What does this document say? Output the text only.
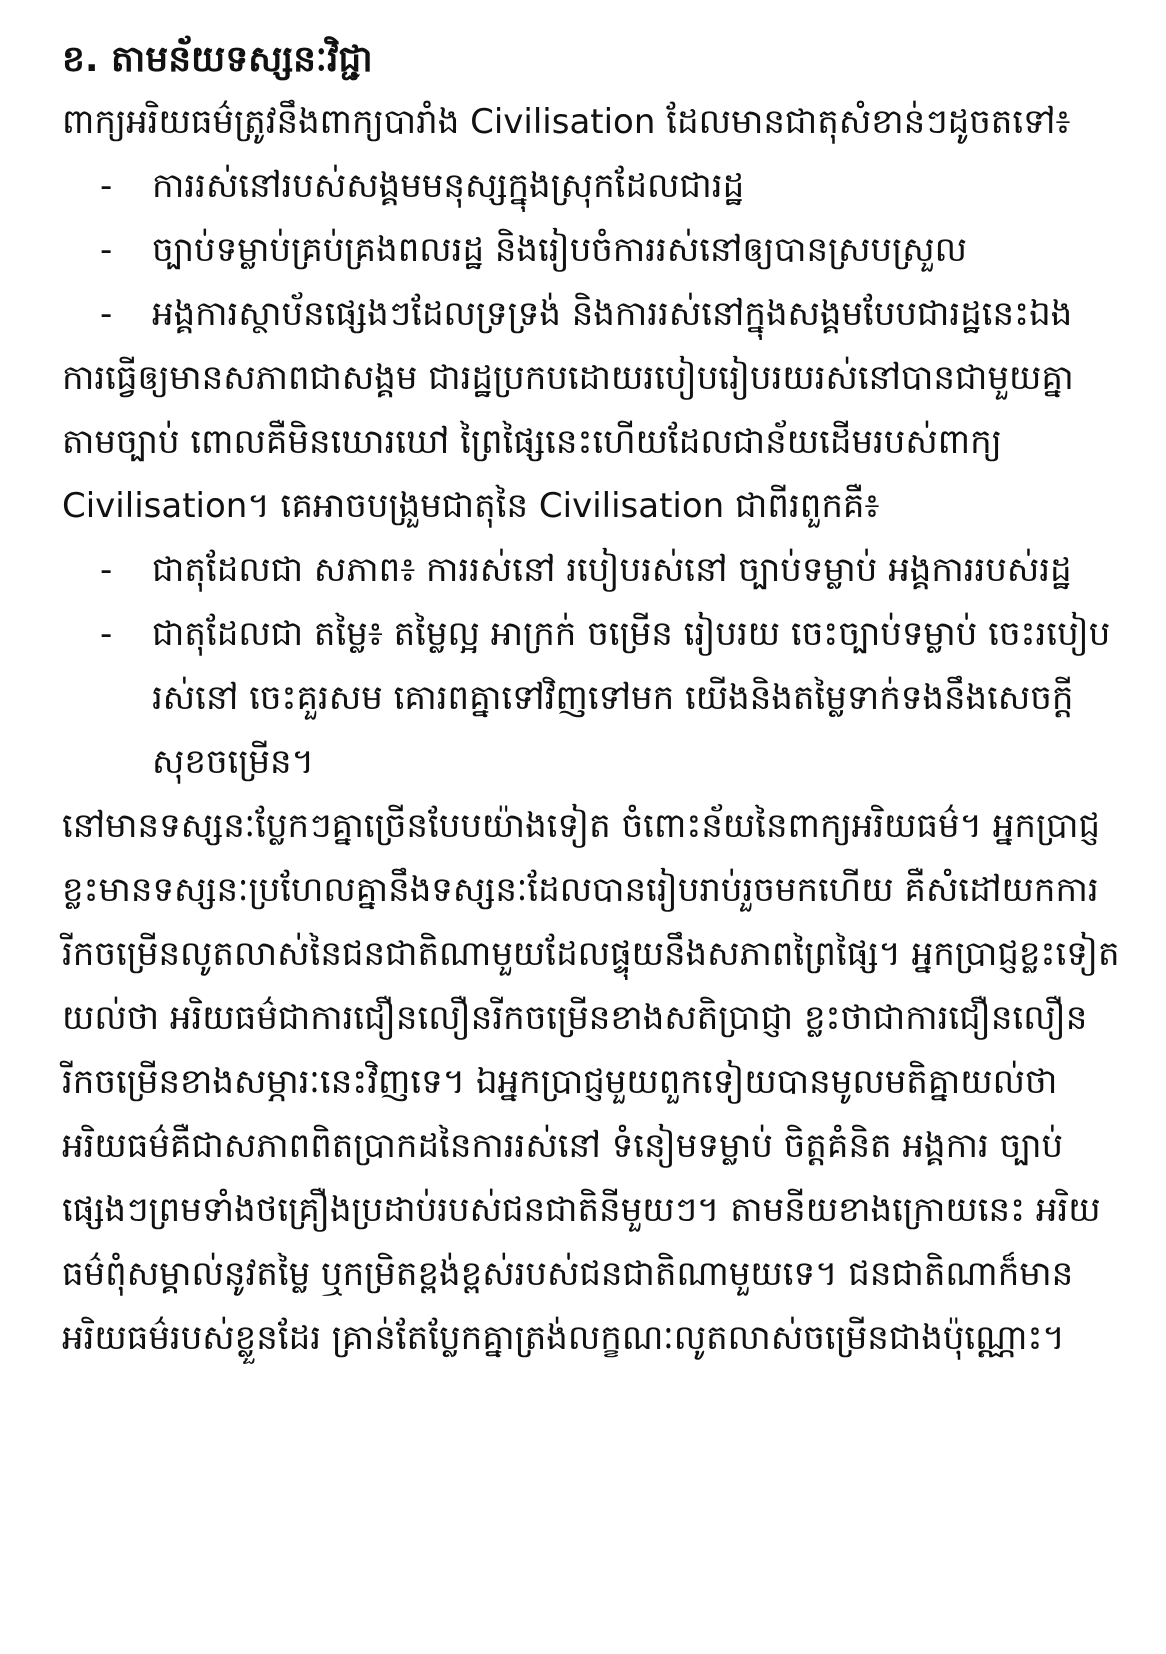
ខ. តាមន័យទស្សនៈវិជ្ជា

ពាក្យអរិយធម៌ត្រូវនឹងពាក្យបារាំង Civilisation ដែលមានជាតុសំខាន់ៗដូចតទៅ៖

- ការរស់នៅរបស់សង្គមមនុស្សក្នុងស្រុកដែលជារដ្ឋ
- ច្បាប់ទម្លាប់គ្រប់គ្រងពលរដ្ឋ និងរៀបចំការរស់នៅឲ្យបានស្របស្រួល
- អង្គការស្ថាប័នផ្សេងៗដែលទ្រទ្រង់ និងការរស់នៅក្នុងសង្គមបែបជារដ្ឋនេះឯង

ការធ្វើឲ្យមានសភាពជាសង្គម ជារដ្ឋប្រកបដោយរបៀបរៀបរយរស់នៅបានជាមួយគ្នាតាមច្បាប់ ពោលគឺមិនឃោរឃៅ ព្រៃផ្សៃនេះហើយដែលជាន័យដើមរបស់ពាក្យ Civilisation។ គេអាចបង្រួមជាតុនៃ Civilisation ជាពីរពួកគឺ៖

- ជាតុដែលជា សភាព៖ ការរស់នៅ របៀបរស់នៅ ច្បាប់ទម្លាប់ អង្គការរបស់រដ្ឋ
- ជាតុដែលជា តម្លៃ៖ តម្លៃល្អ អាក្រក់ ចម្រើន រៀបរយ ចេះច្បាប់ទម្លាប់ ចេះរបៀបរស់នៅ ចេះគួរសម គោរពគ្នាទៅវិញទៅមក យើងនិងតម្លៃទាក់ទងនឹងសេចក្ដីសុខចម្រើន។

នៅមានទស្សនៈប្លែកៗគ្នាច្រើនបែបយ៉ាងទៀត ចំពោះន័យនៃពាក្យអរិយធម៌។ អ្នកប្រាជ្ញខ្លះមានទស្សនៈប្រហែលគ្នានឹងទស្សនៈដែលបានរៀបរាប់រួចមកហើយ គឺសំដៅយកការរីកចម្រើនលូតលាស់នៃជនជាតិណាមួយដែលផ្ទុយនឹងសភាពព្រៃផ្សៃ។ អ្នកប្រាជ្ញខ្លះទៀតយល់ថា អរិយធម៌ជាការជឿនលឿនរីកចម្រើនខាងសតិប្រាជ្ញា ខ្លះថាជាការជឿនលឿនរីកចម្រើនខាងសម្ភារៈនេះវិញទេ។ ឯអ្នកប្រាជ្ញមួយពួកទៀយបានមូលមតិគ្នាយល់ថា អរិយធម៌គឺជាសភាពពិតប្រាកដនៃការរស់នៅ ទំនៀមទម្លាប់ ចិត្តគំនិត អង្គការ ច្បាប់ផ្សេងៗព្រមទាំងថគ្រឿងប្រដាប់របស់ជនជាតិនីមួយៗ។ តាមនីយខាងក្រោយនេះ អរិយធម៌ពុំសម្គាល់នូវតម្លៃ ឬកម្រិតខ្ពង់ខ្ពស់របស់ជនជាតិណាមួយទេ។ ជនជាតិណាក៏មានអរិយធម៌របស់ខ្លួនដែរ គ្រាន់តែប្លែកគ្នាត្រង់លក្ខណៈលូតលាស់ចម្រើនជាងប៉ុណ្ណោះ។
